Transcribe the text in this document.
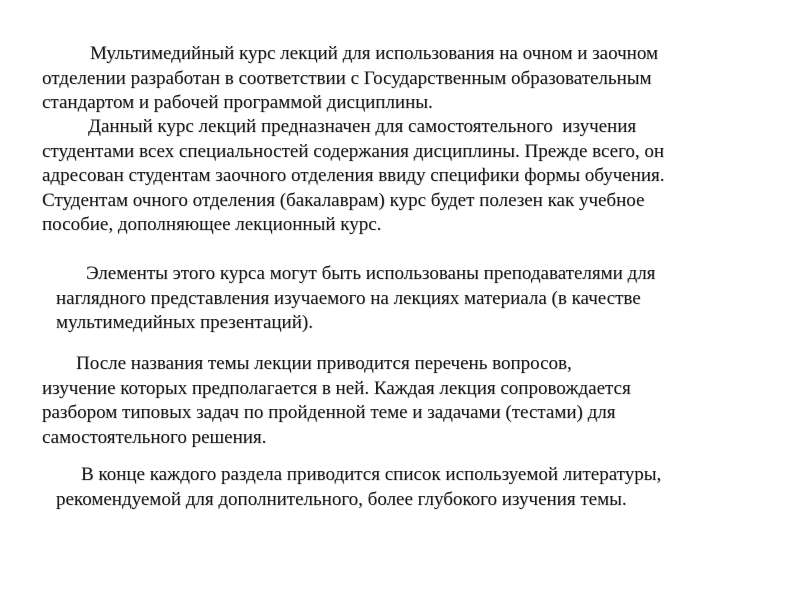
Мультимедийный курс лекций для использования на очном и заочном
отделении разработан в соответствии с Государственным образовательным
стандартом и рабочей программой дисциплины.
Данный курс лекций предназначен для самостоятельного  изучения
студентами всех специальностей содержания дисциплины. Прежде всего, он
адресован студентам заочного отделения ввиду специфики формы обучения.
Студентам очного отделения (бакалаврам) курс будет полезен как учебное
пособие, дополняющее лекционный курс.
Элементы этого курса могут быть использованы преподавателями для
наглядного представления изучаемого на лекциях материала (в качестве
мультимедийных презентаций).
После названия темы лекции приводится перечень вопросов,
изучение которых предполагается в ней. Каждая лекция сопровождается
разбором типовых задач по пройденной теме и задачами (тестами) для
самостоятельного решения.
В конце каждого раздела приводится список используемой литературы,
рекомендуемой для дополнительного, более глубокого изучения темы.
